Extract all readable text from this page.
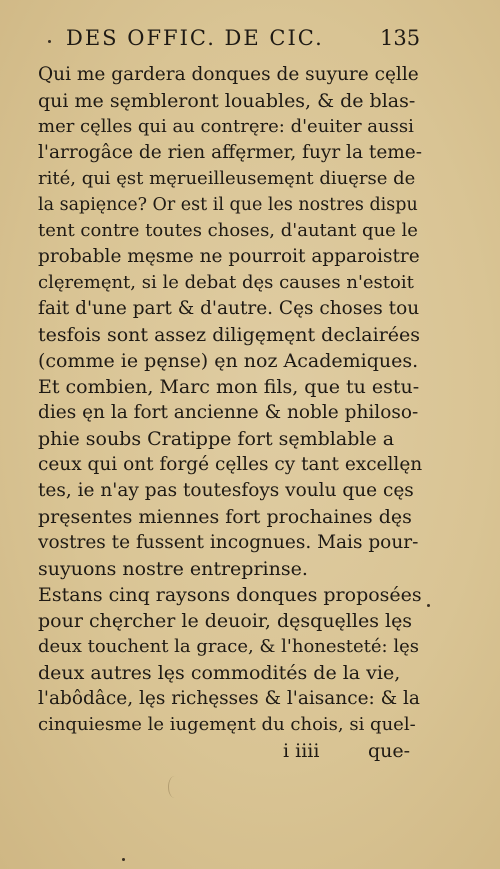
DES OFFIC. DE CIC.	135
Qui me gardera donques de suyure cęlle
qui me sęmbleront louables, & de blas-
mer cęlles qui au contręre: d'euiter aussi
l'arrogâce de rien affęrmer, fuyr la teme-
rité, qui ęst męrueilleusemęnt diuęrse de
la sapięnce? Or est il que les nostres dispu
tent contre toutes choses, d'autant que le
probable męsme ne pourroit apparoistre
clęremęnt, si le debat dęs causes n'estoit
fait d'une part & d'autre. Cęs choses tou
tesfois sont assez diligęmęnt declairées
(comme ie pęnse) ęn noz Academiques.
Et combien, Marc mon fils, que tu estu-
dies ęn la fort ancienne & noble philoso-
phie soubs Cratippe fort sęmblable a
ceux qui ont forgé cęlles cy tant excellęn
tes, ie n'ay pas toutesfoys voulu que cęs
pręsentes miennes fort prochaines dęs
vostres te fussent incognues. Mais pour-
suyuons nostre entreprinse.
Estans cinq raysons donques proposées
pour chęrcher le deuoir, dęsquęlles lęs
deux touchent la grace, & l'honesteté: lęs
deux autres lęs commodités de la vie,
l'abôdâce, lęs richęsses & l'aisance: & la
cinquiesme le iugemęnt du chois, si quel-
i iiii	que-
